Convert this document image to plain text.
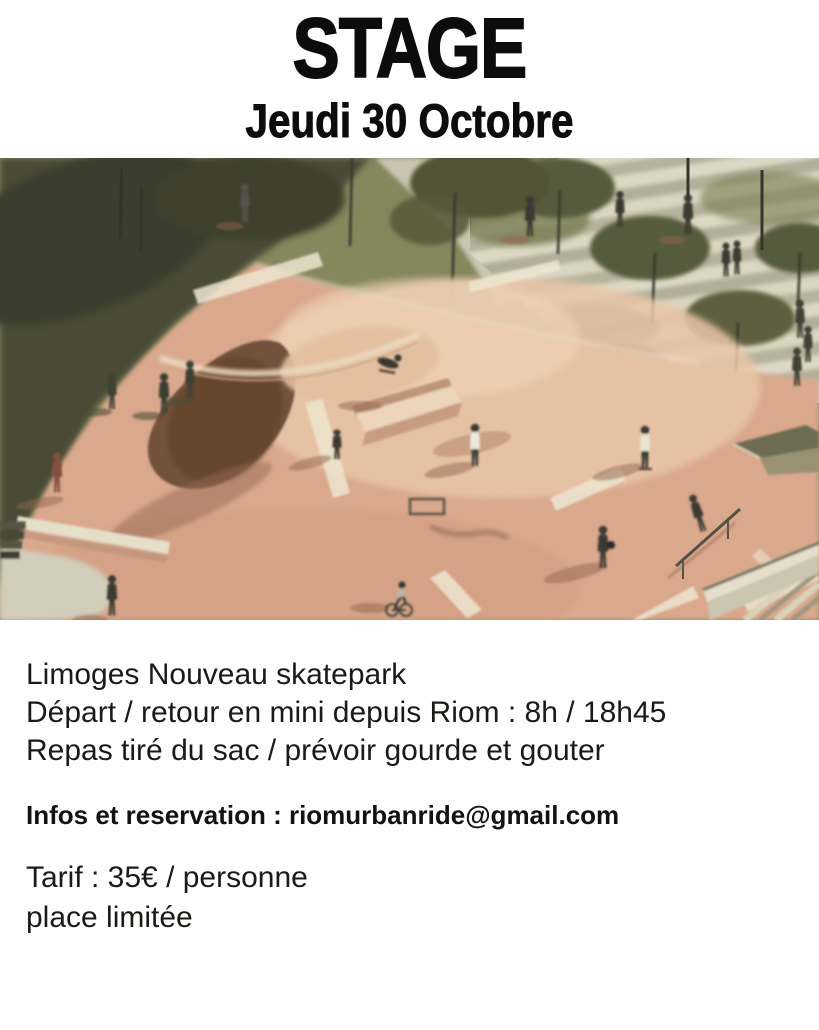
STAGE
Jeudi 30 Octobre

Limoges Nouveau skatepark

Départ / retour en mini depuis Riom : 8h / 18h45

Repas tiré du sac / prévoir gourde et gouter

Infos et reservation : riomurbanride@gmail.com

Tarif : 35€ / personne

place limitée
